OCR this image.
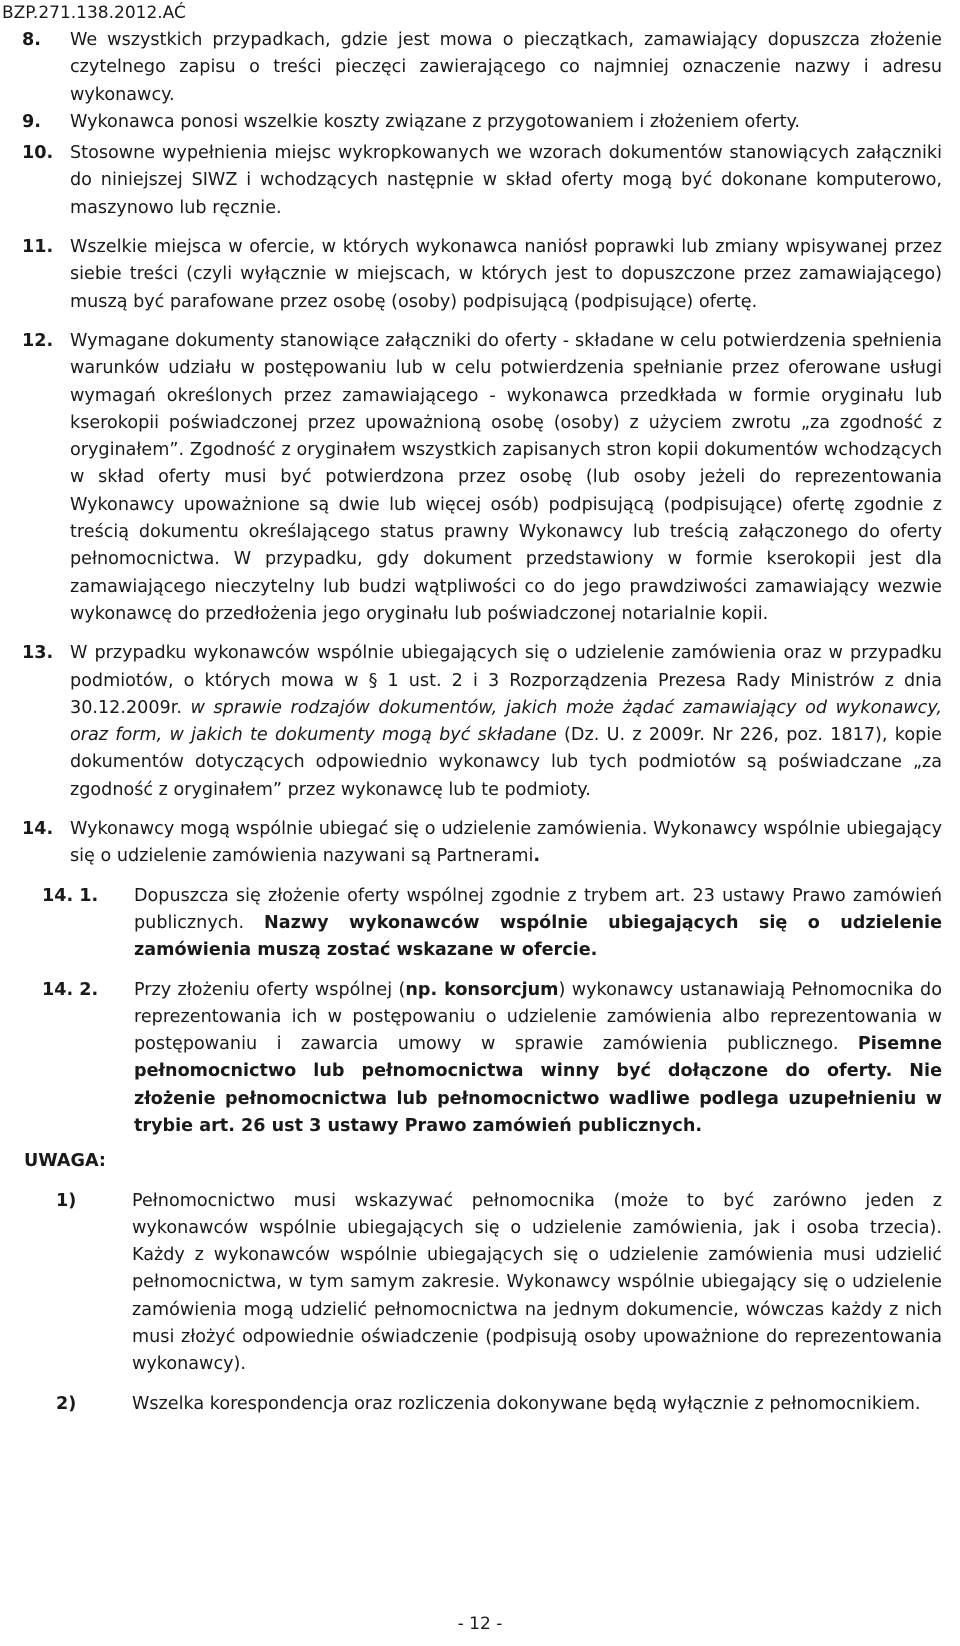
BZP.271.138.2012.AĆ
8.	We wszystkich przypadkach, gdzie jest mowa o pieczątkach, zamawiający dopuszcza złożenie czytelnego zapisu o treści pieczęci zawierającego co najmniej oznaczenie nazwy i adresu wykonawcy.
9.	Wykonawca ponosi wszelkie koszty związane z przygotowaniem i złożeniem oferty.
10. Stosowne wypełnienia miejsc wykropkowanych we wzorach dokumentów stanowiących załączniki do niniejszej SIWZ i wchodzących następnie w skład oferty mogą być dokonane komputerowo, maszynowo lub ręcznie.
11. Wszelkie miejsca w ofercie, w których wykonawca naniósł poprawki lub zmiany wpisywanej przez siebie treści (czyli wyłącznie w miejscach, w których jest to dopuszczone przez zamawiającego) muszą być parafowane przez osobę (osoby) podpisującą (podpisujące) ofertę.
12. Wymagane dokumenty stanowiące załączniki do oferty - składane w celu potwierdzenia spełnienia warunków udziału w postępowaniu lub w celu potwierdzenia spełnianie przez oferowane usługi wymagań określonych przez zamawiającego - wykonawca przedkłada w formie oryginału lub kserokopii poświadczonej przez upoważnioną osobę (osoby) z użyciem zwrotu „za zgodność z oryginałem”. Zgodność z oryginałem wszystkich zapisanych stron kopii dokumentów wchodzących w skład oferty musi być potwierdzona przez osobę (lub osoby jeżeli do reprezentowania Wykonawcy upoważnione są dwie lub więcej osób) podpisującą (podpisujące) ofertę zgodnie z treścią dokumentu określającego status prawny Wykonawcy lub treścią załączonego do oferty pełnomocnictwa. W przypadku, gdy dokument przedstawiony w formie kserokopii jest dla zamawiającego nieczytelny lub budzi wątpliwości co do jego prawdziwości zamawiający wezwie wykonawcę do przedłożenia jego oryginału lub poświadczonej notarialnie kopii.
13. W przypadku wykonawców wspólnie ubiegających się o udzielenie zamówienia oraz w przypadku podmiotów, o których mowa w § 1 ust. 2 i 3 Rozporządzenia Prezesa Rady Ministrów z dnia 30.12.2009r. w sprawie rodzajów dokumentów, jakich może żądać zamawiający od wykonawcy, oraz form, w jakich te dokumenty mogą być składane (Dz. U. z 2009r. Nr 226, poz. 1817), kopie dokumentów dotyczących odpowiednio wykonawcy lub tych podmiotów są poświadczane „za zgodność z oryginałem” przez wykonawcę lub te podmioty.
14. Wykonawcy mogą wspólnie ubiegać się o udzielenie zamówienia. Wykonawcy wspólnie ubiegający się o udzielenie zamówienia nazywani są Partnerami.
14. 1.	Dopuszcza się złożenie oferty wspólnej zgodnie z trybem art. 23 ustawy Prawo zamówień publicznych. Nazwy wykonawców wspólnie ubiegających się o udzielenie zamówienia muszą zostać wskazane w ofercie.
14. 2.	Przy złożeniu oferty wspólnej (np. konsorcjum) wykonawcy ustanawiają Pełnomocnika do reprezentowania ich w postępowaniu o udzielenie zamówienia albo reprezentowania w postępowaniu i zawarcia umowy w sprawie zamówienia publicznego. Pisemne pełnomocnictwo lub pełnomocnictwa winny być dołączone do oferty. Nie złożenie pełnomocnictwa lub pełnomocnictwo wadliwe podlega uzupełnieniu w trybie art. 26 ust 3 ustawy Prawo zamówień publicznych.
UWAGA:
1)	Pełnomocnictwo musi wskazywać pełnomocnika (może to być zarówno jeden z wykonawców wspólnie ubiegających się o udzielenie zamówienia, jak i osoba trzecia). Każdy z wykonawców wspólnie ubiegających się o udzielenie zamówienia musi udzielić pełnomocnictwa, w tym samym zakresie. Wykonawcy wspólnie ubiegający się o udzielenie zamówienia mogą udzielić pełnomocnictwa na jednym dokumencie, wówczas każdy z nich musi złożyć odpowiednie oświadczenie (podpisują osoby upoważnione do reprezentowania wykonawcy).
2)	Wszelka korespondencja oraz rozliczenia dokonywane będą wyłącznie z pełnomocnikiem.
- 12 -
